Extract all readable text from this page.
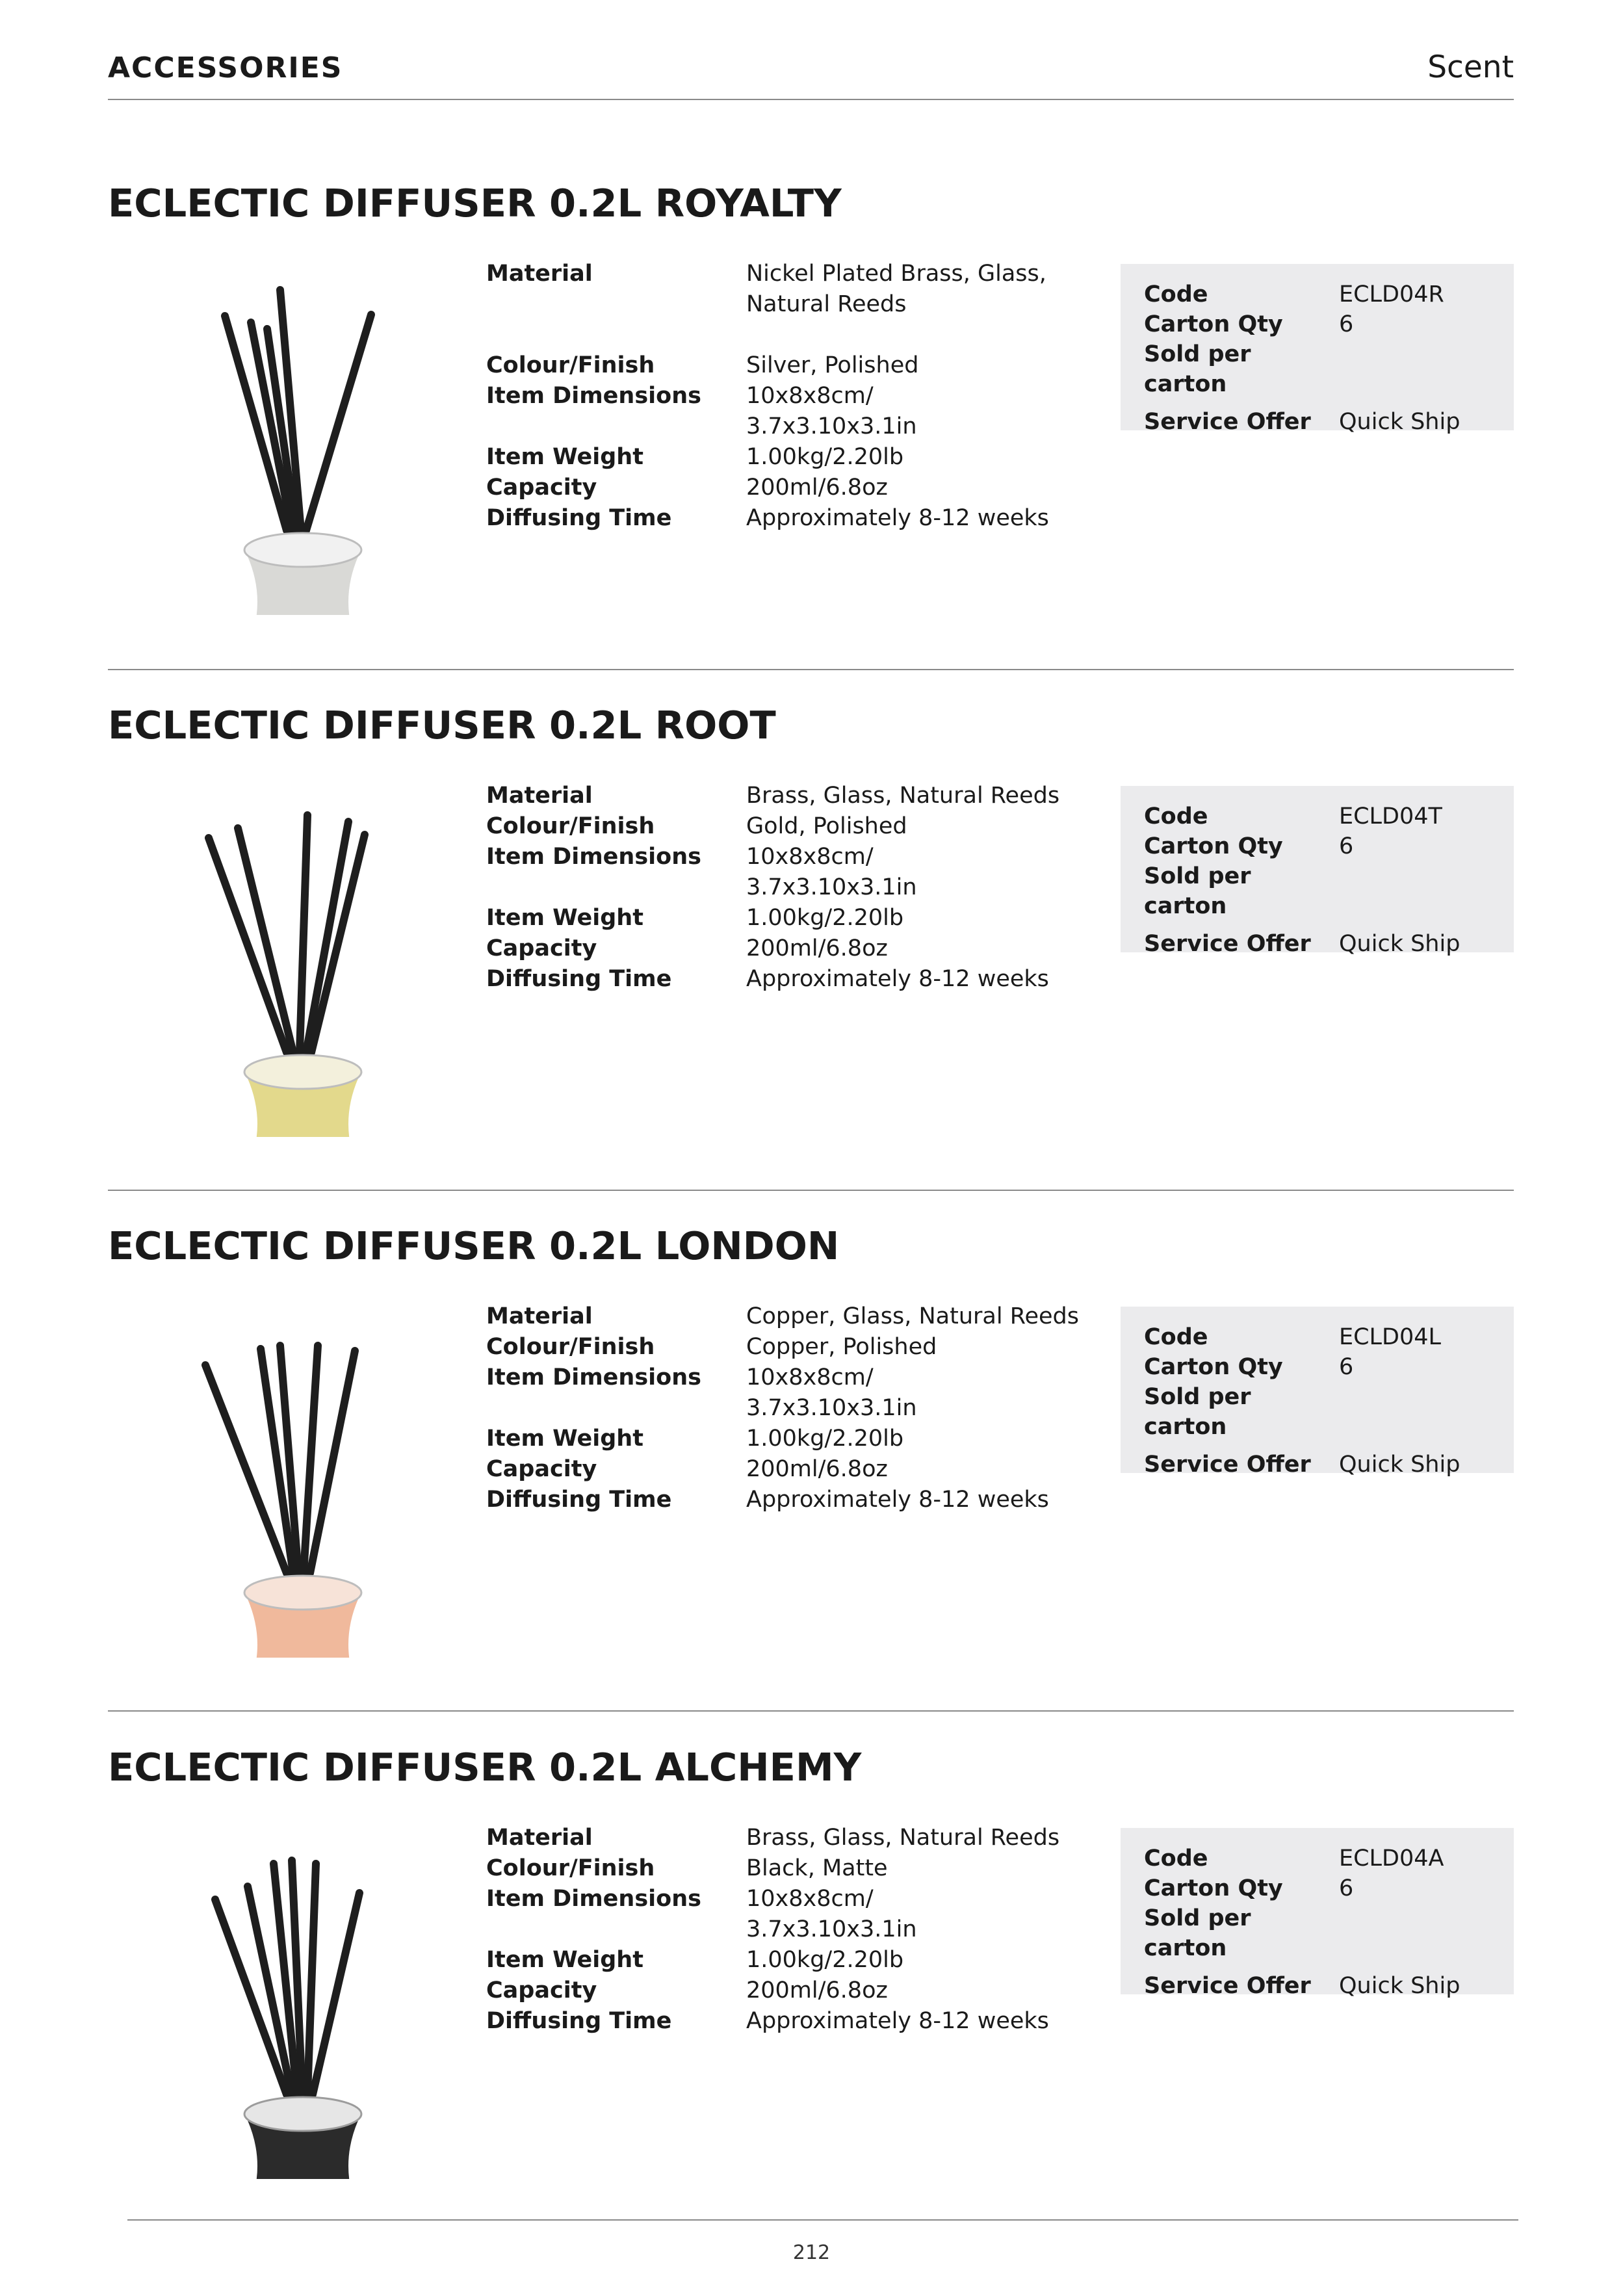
ACCESSORIES	Scent
ECLECTIC DIFFUSER 0.2L ROYALTY
Material	Nickel Plated Brass, Glass, Natural Reeds
Colour/Finish	Silver, Polished
Item Dimensions	10x8x8cm/
3.7x3.10x3.1in
Item Weight	1.00kg/2.20lb
Capacity	200ml/6.8oz
Diffusing Time	Approximately 8-12 weeks
Code	ECLD04R
Carton Qty	6
Sold per carton
Service Offer	Quick Ship
ECLECTIC DIFFUSER 0.2L ROOT
Material	Brass, Glass, Natural Reeds
Colour/Finish	Gold, Polished
Item Dimensions	10x8x8cm/
3.7x3.10x3.1in
Item Weight	1.00kg/2.20lb
Capacity	200ml/6.8oz
Diffusing Time	Approximately 8-12 weeks
Code	ECLD04T
Carton Qty	6
Sold per carton
Service Offer	Quick Ship
ECLECTIC DIFFUSER 0.2L LONDON
Material	Copper, Glass, Natural Reeds
Colour/Finish	Copper, Polished
Item Dimensions	10x8x8cm/
3.7x3.10x3.1in
Item Weight	1.00kg/2.20lb
Capacity	200ml/6.8oz
Diffusing Time	Approximately 8-12 weeks
Code	ECLD04L
Carton Qty	6
Sold per carton
Service Offer	Quick Ship
ECLECTIC DIFFUSER 0.2L ALCHEMY
Material	Brass, Glass, Natural Reeds
Colour/Finish	Black, Matte
Item Dimensions	10x8x8cm/
3.7x3.10x3.1in
Item Weight	1.00kg/2.20lb
Capacity	200ml/6.8oz
Diffusing Time	Approximately 8-12 weeks
Code	ECLD04A
Carton Qty	6
Sold per carton
Service Offer	Quick Ship
212
